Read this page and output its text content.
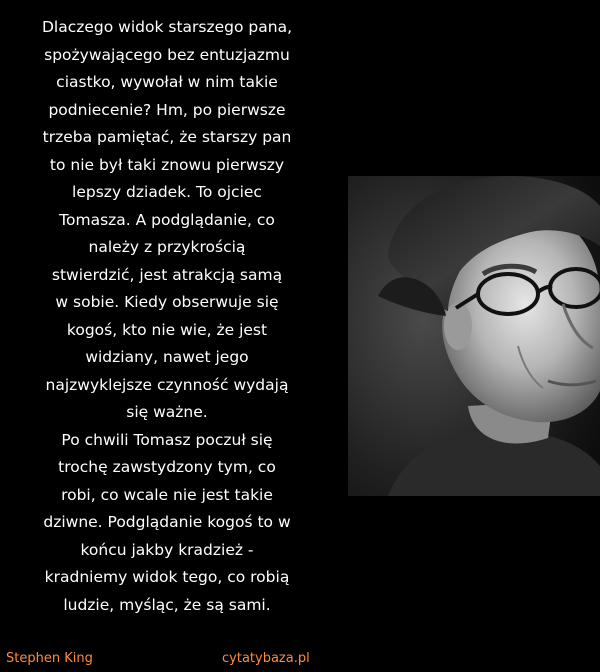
Dlaczego widok starszego pana,
spożywającego bez entuzjazmu
ciastko, wywołał w nim takie
podniecenie? Hm, po pierwsze
trzeba pamiętać, że starszy pan
to nie był taki znowu pierwszy
lepszy dziadek. To ojciec
Tomasza. A podglądanie, co
należy z przykrością
stwierdzić, jest atrakcją samą
w sobie. Kiedy obserwuje się
kogoś, kto nie wie, że jest
widziany, nawet jego
najzwyklejsze czynność wydają
się ważne.
Po chwili Tomasz poczuł się
trochę zawstydzony tym, co
robi, co wcale nie jest takie
dziwne. Podglądanie kogoś to w
końcu jakby kradzież -
kradniemy widok tego, co robią
ludzie, myśląc, że są sami.
Stephen King	cytatybaza.pl
